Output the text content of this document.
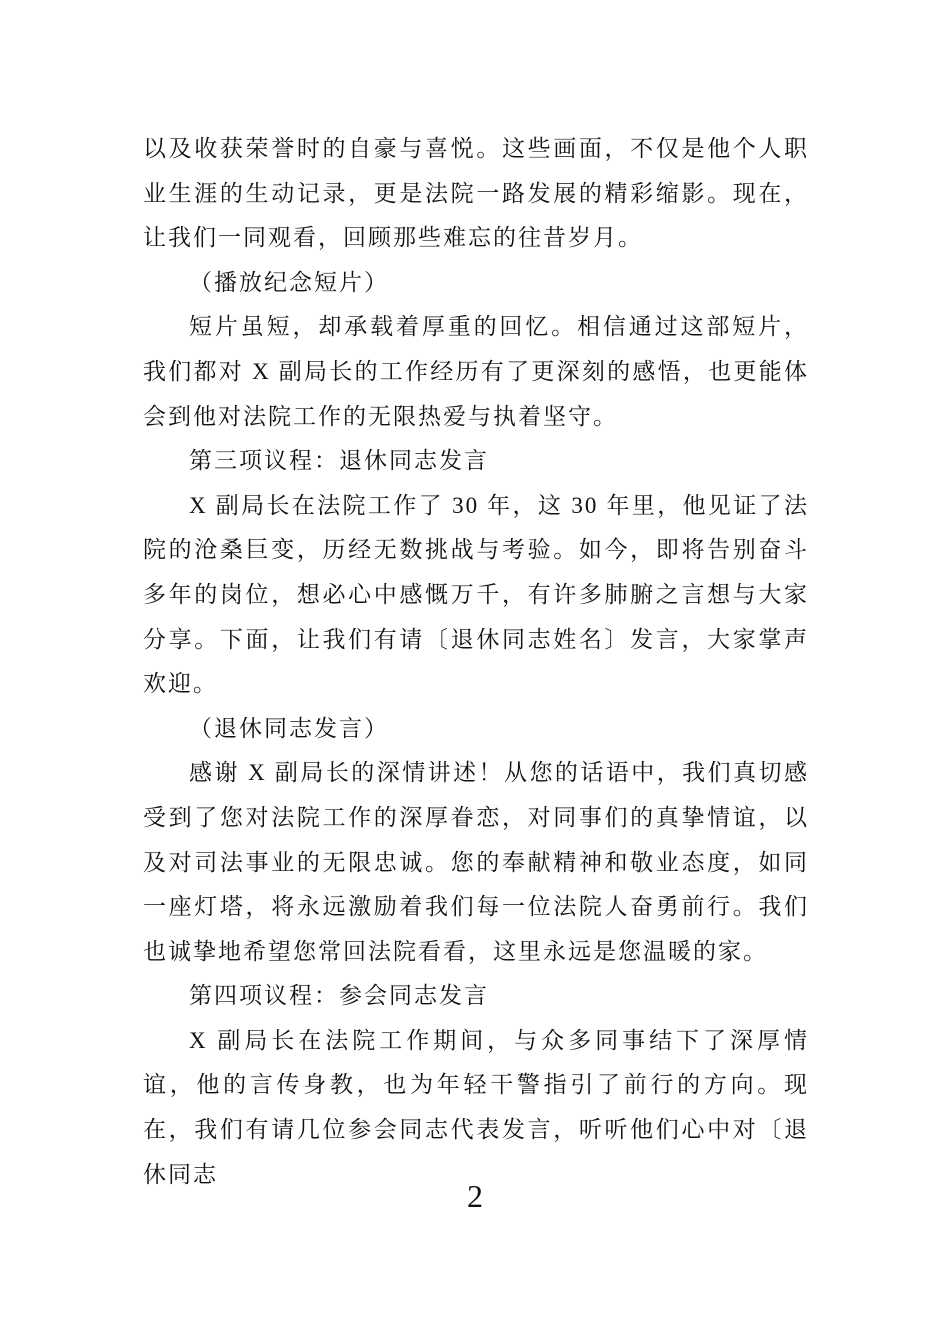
以及收获荣誉时的自豪与喜悦。这些画面，不仅是他个人职业生涯的生动记录，更是法院一路发展的精彩缩影。现在，让我们一同观看，回顾那些难忘的往昔岁月。

（播放纪念短片）

短片虽短，却承载着厚重的回忆。相信通过这部短片，我们都对 X 副局长的工作经历有了更深刻的感悟，也更能体会到他对法院工作的无限热爱与执着坚守。

第三项议程：退休同志发言

X 副局长在法院工作了 30 年，这 30 年里，他见证了法院的沧桑巨变，历经无数挑战与考验。如今，即将告别奋斗多年的岗位，想必心中感慨万千，有许多肺腑之言想与大家分享。下面，让我们有请〔退休同志姓名〕发言，大家掌声欢迎。

（退休同志发言）

感谢 X 副局长的深情讲述！从您的话语中，我们真切感受到了您对法院工作的深厚眷恋，对同事们的真挚情谊，以及对司法事业的无限忠诚。您的奉献精神和敬业态度，如同一座灯塔，将永远激励着我们每一位法院人奋勇前行。我们也诚挚地希望您常回法院看看，这里永远是您温暖的家。

第四项议程：参会同志发言

X 副局长在法院工作期间，与众多同事结下了深厚情谊，他的言传身教，也为年轻干警指引了前行的方向。现在，我们有请几位参会同志代表发言，听听他们心中对〔退休同志

2
